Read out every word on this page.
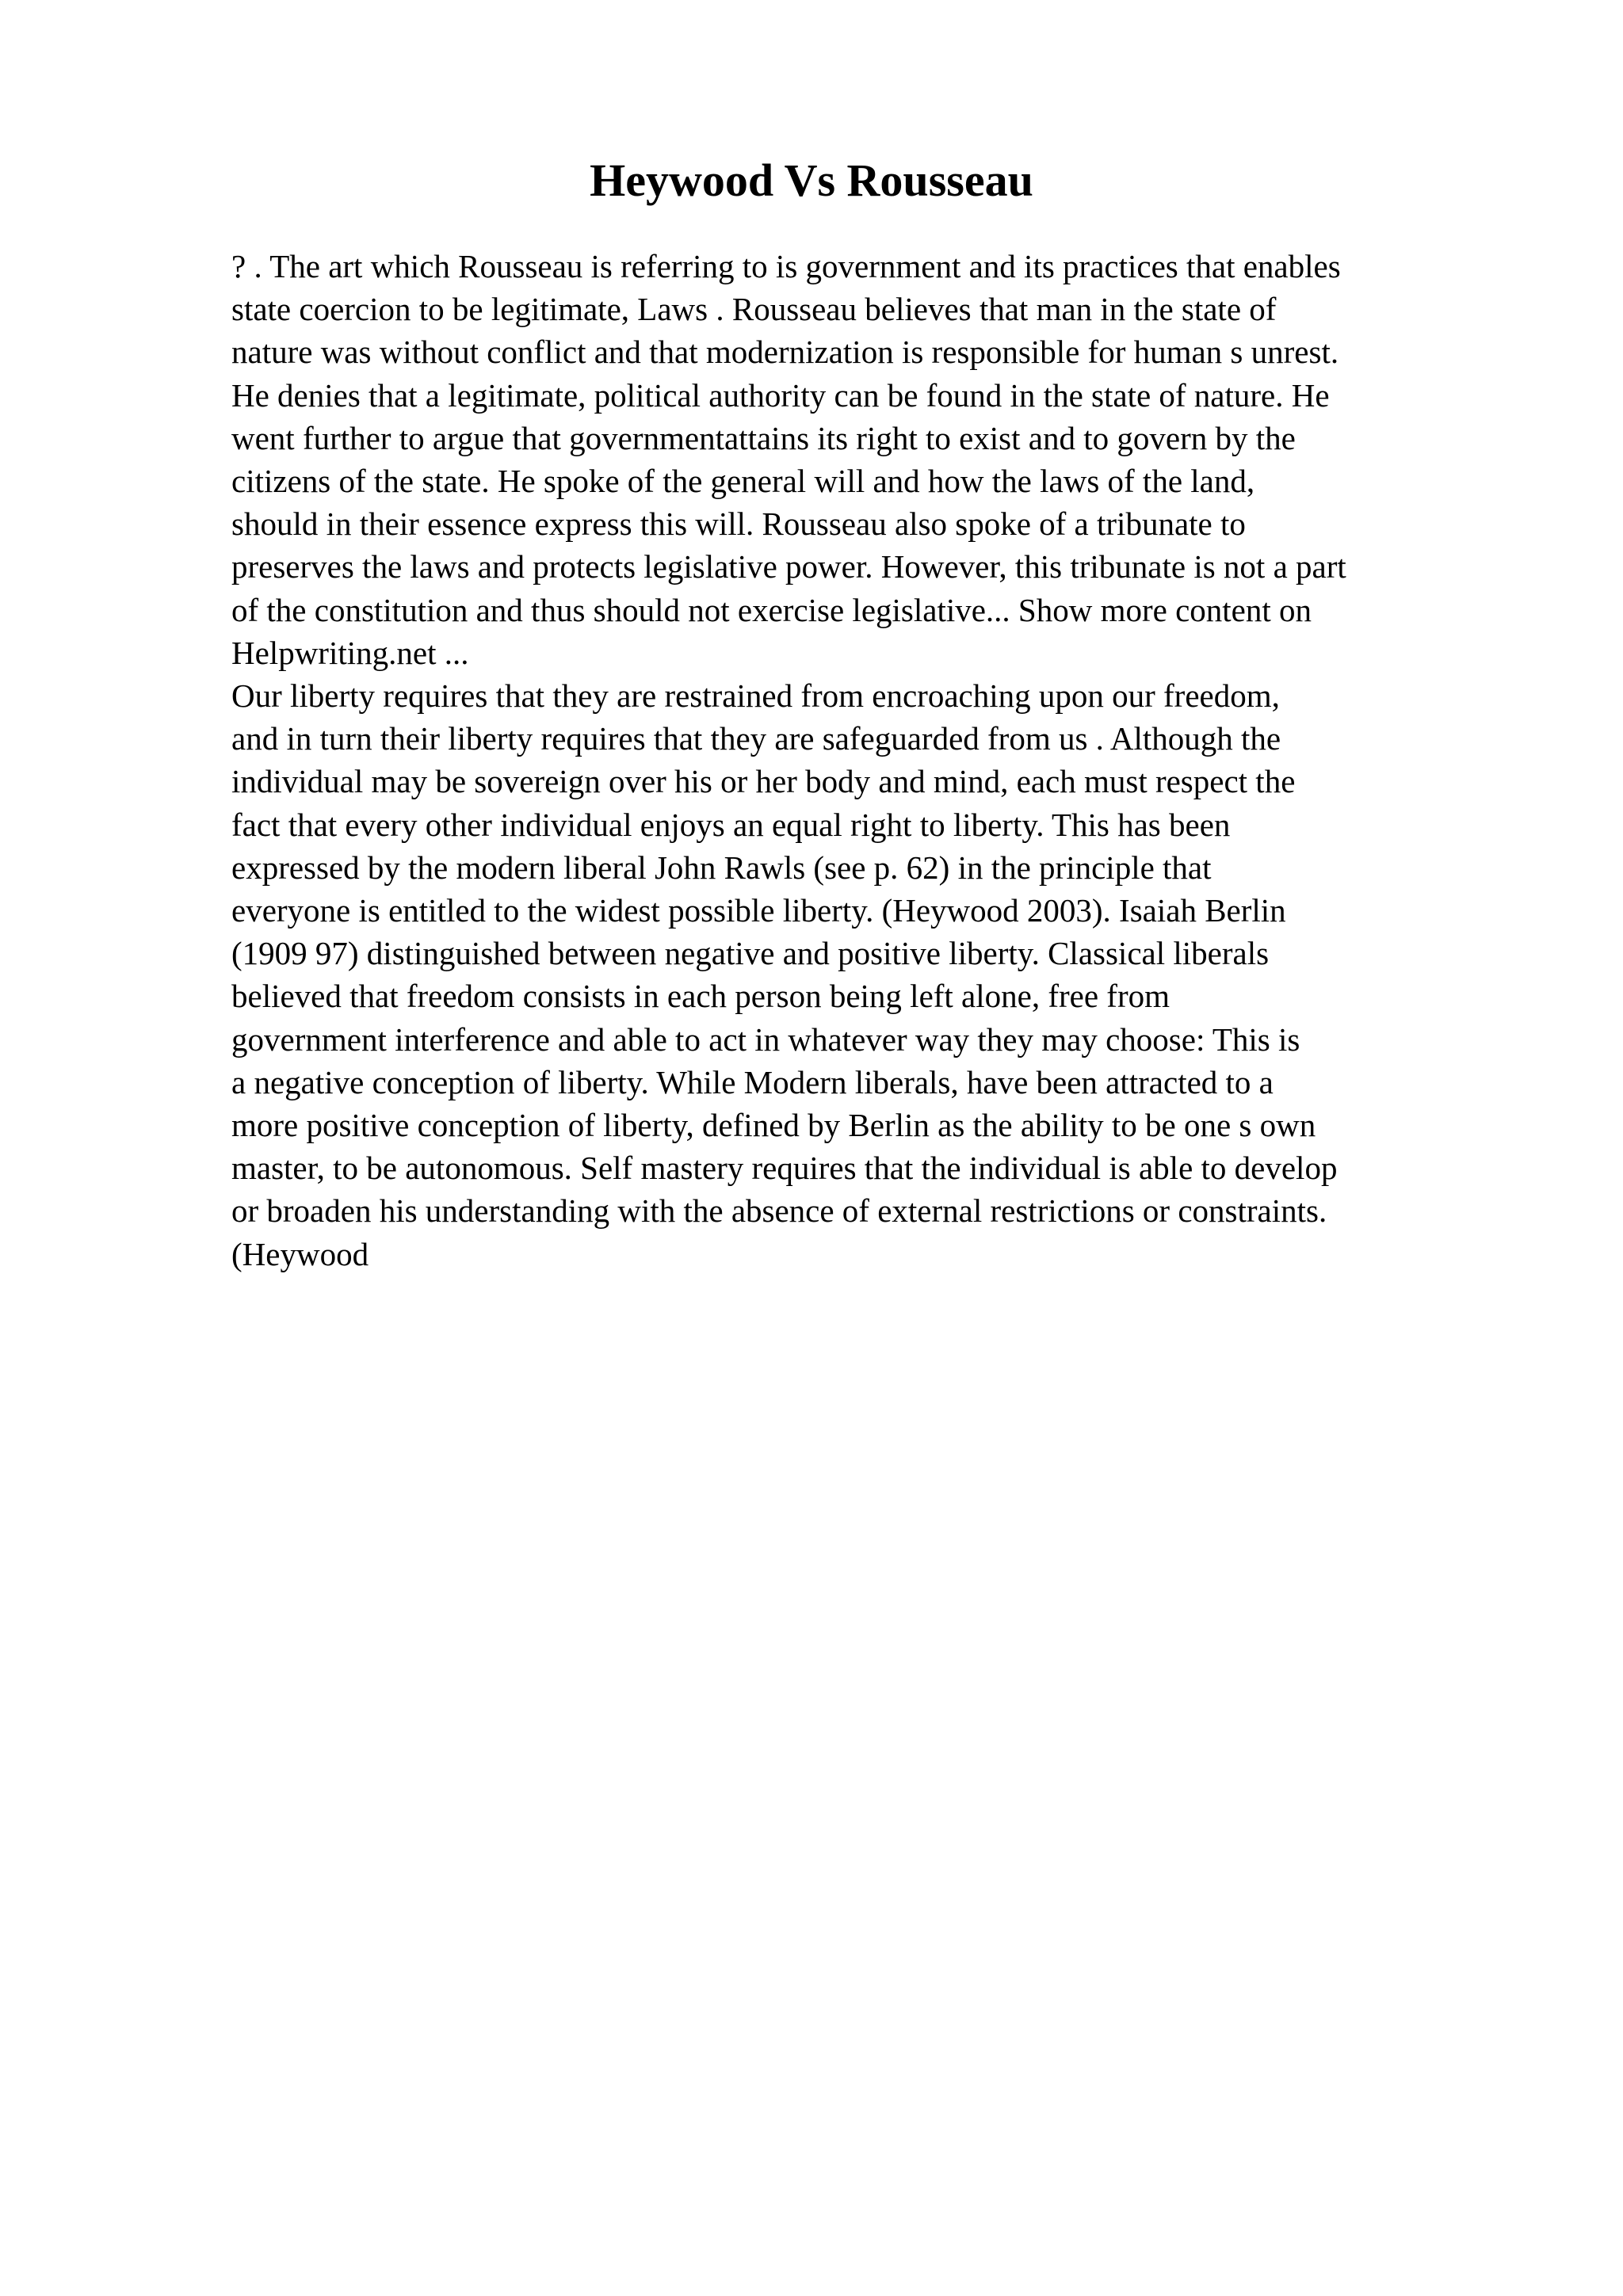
Heywood Vs Rousseau
? . The art which Rousseau is referring to is government and its practices that enables
state coercion to be legitimate, Laws . Rousseau believes that man in the state of
nature was without conflict and that modernization is responsible for human s unrest.
He denies that a legitimate, political authority can be found in the state of nature. He
went further to argue that governmentattains its right to exist and to govern by the
citizens of the state. He spoke of the general will and how the laws of the land,
should in their essence express this will. Rousseau also spoke of a tribunate to
preserves the laws and protects legislative power. However, this tribunate is not a part
of the constitution and thus should not exercise legislative... Show more content on
Helpwriting.net ...
Our liberty requires that they are restrained from encroaching upon our freedom,
and in turn their liberty requires that they are safeguarded from us . Although the
individual may be sovereign over his or her body and mind, each must respect the
fact that every other individual enjoys an equal right to liberty. This has been
expressed by the modern liberal John Rawls (see p. 62) in the principle that
everyone is entitled to the widest possible liberty. (Heywood 2003). Isaiah Berlin
(1909 97) distinguished between negative and positive liberty. Classical liberals
believed that freedom consists in each person being left alone, free from
government interference and able to act in whatever way they may choose: This is
a negative conception of liberty. While Modern liberals, have been attracted to a
more positive conception of liberty, defined by Berlin as the ability to be one s own
master, to be autonomous. Self mastery requires that the individual is able to develop
or broaden his understanding with the absence of external restrictions or constraints.
(Heywood
